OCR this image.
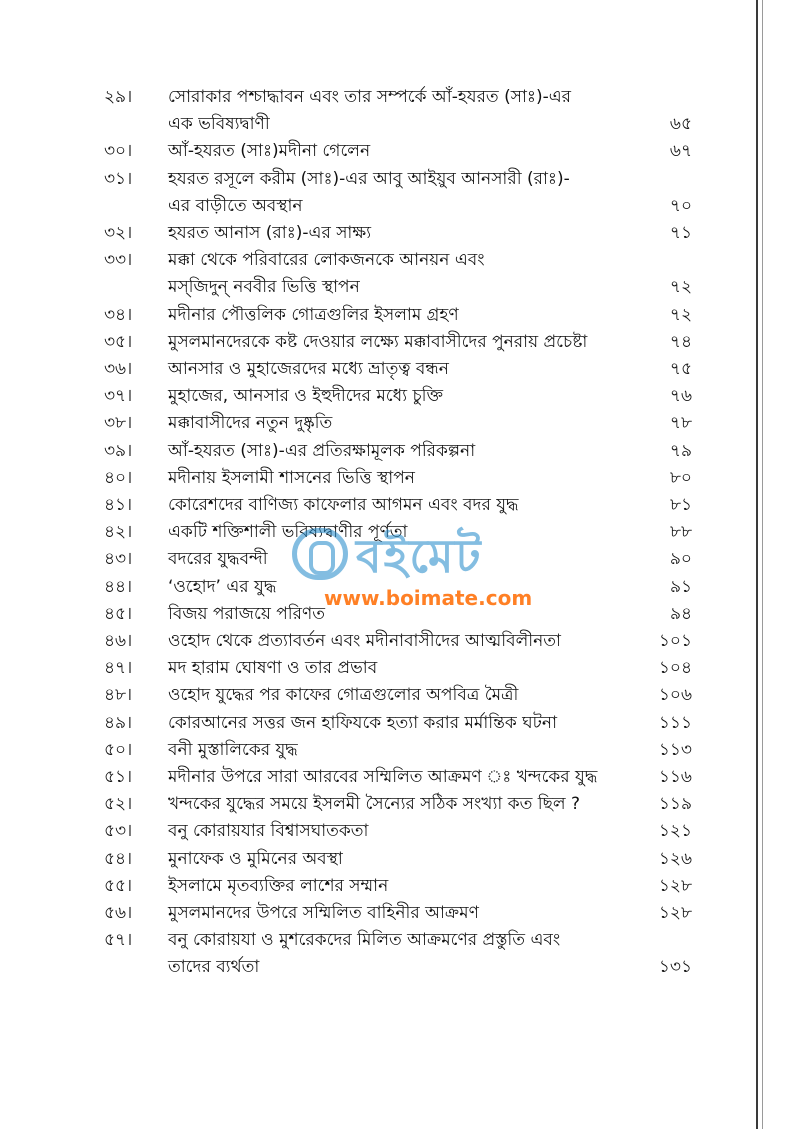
২৯।	সোরাকার পশ্চাদ্ধাবন এবং তার সম্পর্কে আঁ-হযরত (সাঃ)-এর
এক ভবিষ্যদ্বাণী	৬৫
৩০।	আঁ-হযরত (সাঃ)মদীনা গেলেন	৬৭
৩১।	হযরত রসূলে করীম (সাঃ)-এর আবু আইয়ুব আনসারী (রাঃ)-
এর বাড়ীতে অবস্থান	৭০
৩২।	হযরত আনাস (রাঃ)-এর সাক্ষ্য	৭১
৩৩।	মক্কা থেকে পরিবারের লোকজনকে আনয়ন এবং
মস্‌জিদুন্‌ নববীর ভিত্তি স্থাপন	৭২
৩৪।	মদীনার পৌত্তলিক গোত্রগুলির ইসলাম গ্রহণ	৭২
৩৫।	মুসলমানদেরকে কষ্ট দেওয়ার লক্ষ্যে মক্কাবাসীদের পুনরায় প্রচেষ্টা	৭৪
৩৬।	আনসার ও মুহাজেরদের মধ্যে ভ্রাতৃত্ব বন্ধন	৭৫
৩৭।	মুহাজের, আনসার ও ইহুদীদের মধ্যে চুক্তি	৭৬
৩৮।	মক্কাবাসীদের নতুন দুষ্কৃতি	৭৮
৩৯।	আঁ-হযরত (সাঃ)-এর প্রতিরক্ষামূলক পরিকল্পনা	৭৯
৪০।	মদীনায় ইসলামী শাসনের ভিত্তি স্থাপন	৮০
৪১।	কোরেশদের বাণিজ্য কাফেলার আগমন এবং বদর যুদ্ধ	৮১
৪২।	একটি শক্তিশালী ভবিষ্যদ্বাণীর পূর্ণতা	৮৮
৪৩।	বদরের যুদ্ধবন্দী	৯০
৪৪।	‘ওহোদ’ এর যুদ্ধ	৯১
৪৫।	বিজয় পরাজয়ে পরিণত	৯৪
৪৬।	ওহোদ থেকে প্রত্যাবর্তন এবং মদীনাবাসীদের আত্মবিলীনতা	১০১
৪৭।	মদ হারাম ঘোষণা ও তার প্রভাব	১০৪
৪৮।	ওহোদ যুদ্ধের পর কাফের গোত্রগুলোর অপবিত্র মৈত্রী	১০৬
৪৯।	কোরআনের সত্তর জন হাফিযকে হত্যা করার মর্মান্তিক ঘটনা	১১১
৫০।	বনী মুস্তালিকের যুদ্ধ	১১৩
৫১।	মদীনার উপরে সারা আরবের সম্মিলিত আক্রমণ ঃ খন্দকের যুদ্ধ	১১৬
৫২।	খন্দকের যুদ্ধের সময়ে ইসলমী সৈন্যের সঠিক সংখ্যা কত ছিল ?	১১৯
৫৩।	বনু কোরায়যার বিশ্বাসঘাতকতা	১২১
৫৪।	মুনাফেক ও মুমিনের অবস্থা	১২৬
৫৫।	ইসলামে মৃতব্যক্তির লাশের সম্মান	১২৮
৫৬।	মুসলমানদের উপরে সম্মিলিত বাহিনীর আক্রমণ	১২৮
৫৭।	বনু কোরায়যা ও মুশরেকদের মিলিত আক্রমণের প্রস্তুতি এবং
তাদের ব্যর্থতা	১৩১
বইমেট
www.boimate.com
